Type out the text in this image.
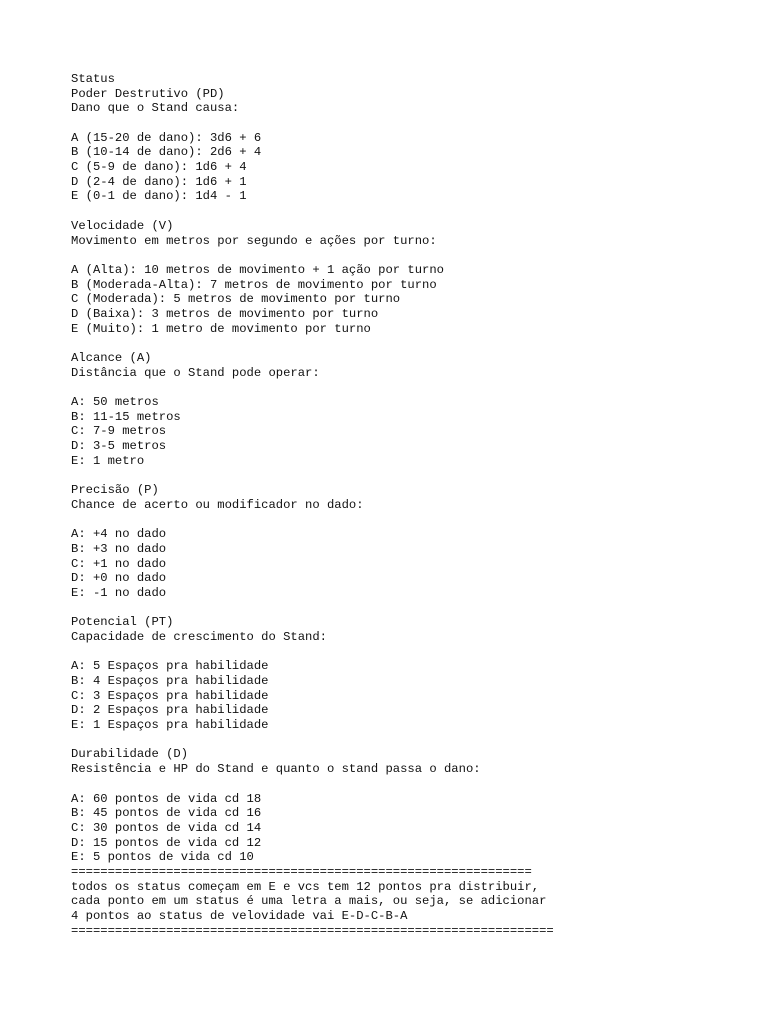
Status
Poder Destrutivo (PD)
Dano que o Stand causa:
A (15-20 de dano): 3d6 + 6
B (10-14 de dano): 2d6 + 4
C (5-9 de dano): 1d6 + 4
D (2-4 de dano): 1d6 + 1
E (0-1 de dano): 1d4 - 1
Velocidade (V)
Movimento em metros por segundo e ações por turno:
A (Alta): 10 metros de movimento + 1 ação por turno
B (Moderada-Alta): 7 metros de movimento por turno
C (Moderada): 5 metros de movimento por turno
D (Baixa): 3 metros de movimento por turno
E (Muito): 1 metro de movimento por turno
Alcance (A)
Distância que o Stand pode operar:
A: 50 metros
B: 11-15 metros
C: 7-9 metros
D: 3-5 metros
E: 1 metro
Precisão (P)
Chance de acerto ou modificador no dado:
A: +4 no dado
B: +3 no dado
C: +1 no dado
D: +0 no dado
E: -1 no dado
Potencial (PT)
Capacidade de crescimento do Stand:
A: 5 Espaços pra habilidade
B: 4 Espaços pra habilidade
C: 3 Espaços pra habilidade
D: 2 Espaços pra habilidade
E: 1 Espaços pra habilidade
Durabilidade (D)
Resistência e HP do Stand e quanto o stand passa o dano:
A: 60 pontos de vida cd 18
B: 45 pontos de vida cd 16
C: 30 pontos de vida cd 14
D: 15 pontos de vida cd 12
E: 5 pontos de vida cd 10
===============================================================
todos os status começam em E e vcs tem 12 pontos pra distribuir,
cada ponto em um status é uma letra a mais, ou seja, se adicionar
4 pontos ao status de velovidade vai E-D-C-B-A
==================================================================
